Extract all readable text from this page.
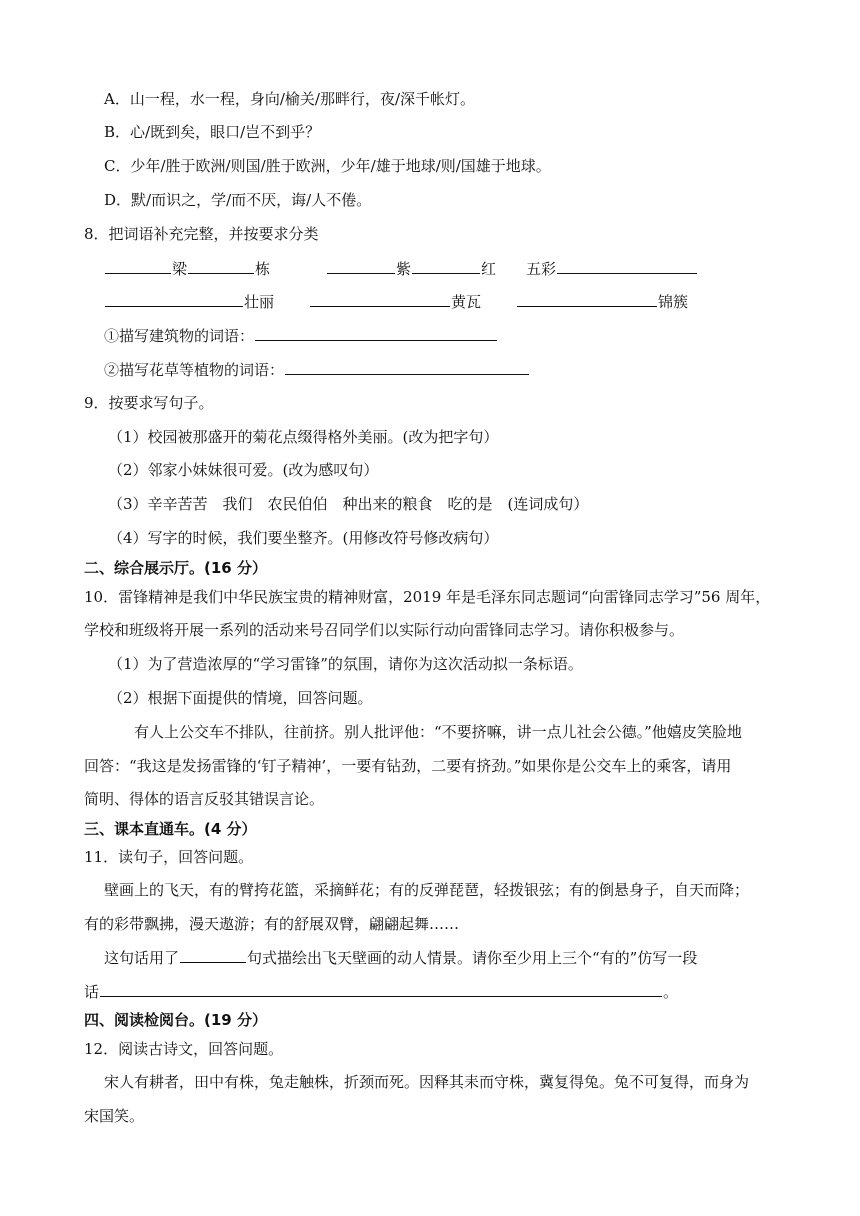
A．山一程，水一程，身向/榆关/那畔行，夜/深千帐灯。
B．心/既到矣，眼口/岂不到乎？
C．少年/胜于欧洲/则国/胜于欧洲，少年/雄于地球/则/国雄于地球。
D．默/而识之，学/而不厌，诲/人不倦。
8．把词语补充完整，并按要求分类
梁	栋	紫	红 五彩
壮丽	黄瓦	锦簇
①描写建筑物的词语：
②描写花草等植物的词语：
9．按要求写句子。
（1）校园被那盛开的菊花点缀得格外美丽。(改为把字句）
（2）邻家小妹妹很可爱。(改为感叹句）
（3）辛辛苦苦　我们　农民伯伯　种出来的粮食　吃的是　(连词成句）
（4）写字的时候，我们要坐整齐。(用修改符号修改病句）
二、综合展示厅。(16 分）
10．雷锋精神是我们中华民族宝贵的精神财富，2019 年是毛泽东同志题词“向雷锋同志学习”56 周年，
学校和班级将开展一系列的活动来号召同学们以实际行动向雷锋同志学习。请你积极参与。
（1）为了营造浓厚的“学习雷锋”的氛围，请你为这次活动拟一条标语。
（2）根据下面提供的情境，回答问题。
有人上公交车不排队，往前挤。别人批评他：“不要挤嘛，讲一点儿社会公德。”他嬉皮笑脸地
回答：“我这是发扬雷锋的‘钉子精神’，一要有钻劲，二要有挤劲。”如果你是公交车上的乘客，请用
简明、得体的语言反驳其错误言论。
三、课本直通车。(4 分）
11．读句子，回答问题。
壁画上的飞天，有的臂挎花篮，采摘鲜花；有的反弹琵琶，轻拨银弦；有的倒悬身子，自天而降；
有的彩带飘拂，漫天遨游；有的舒展双臂，翩翩起舞……
这句话用了	句式描绘出飞天壁画的动人情景。请你至少用上三个“有的”仿写一段
话	。
四、阅读检阅台。(19 分）
12．阅读古诗文，回答问题。
宋人有耕者，田中有株，兔走触株，折颈而死。因释其耒而守株，冀复得兔。兔不可复得，而身为
宋国笑。
